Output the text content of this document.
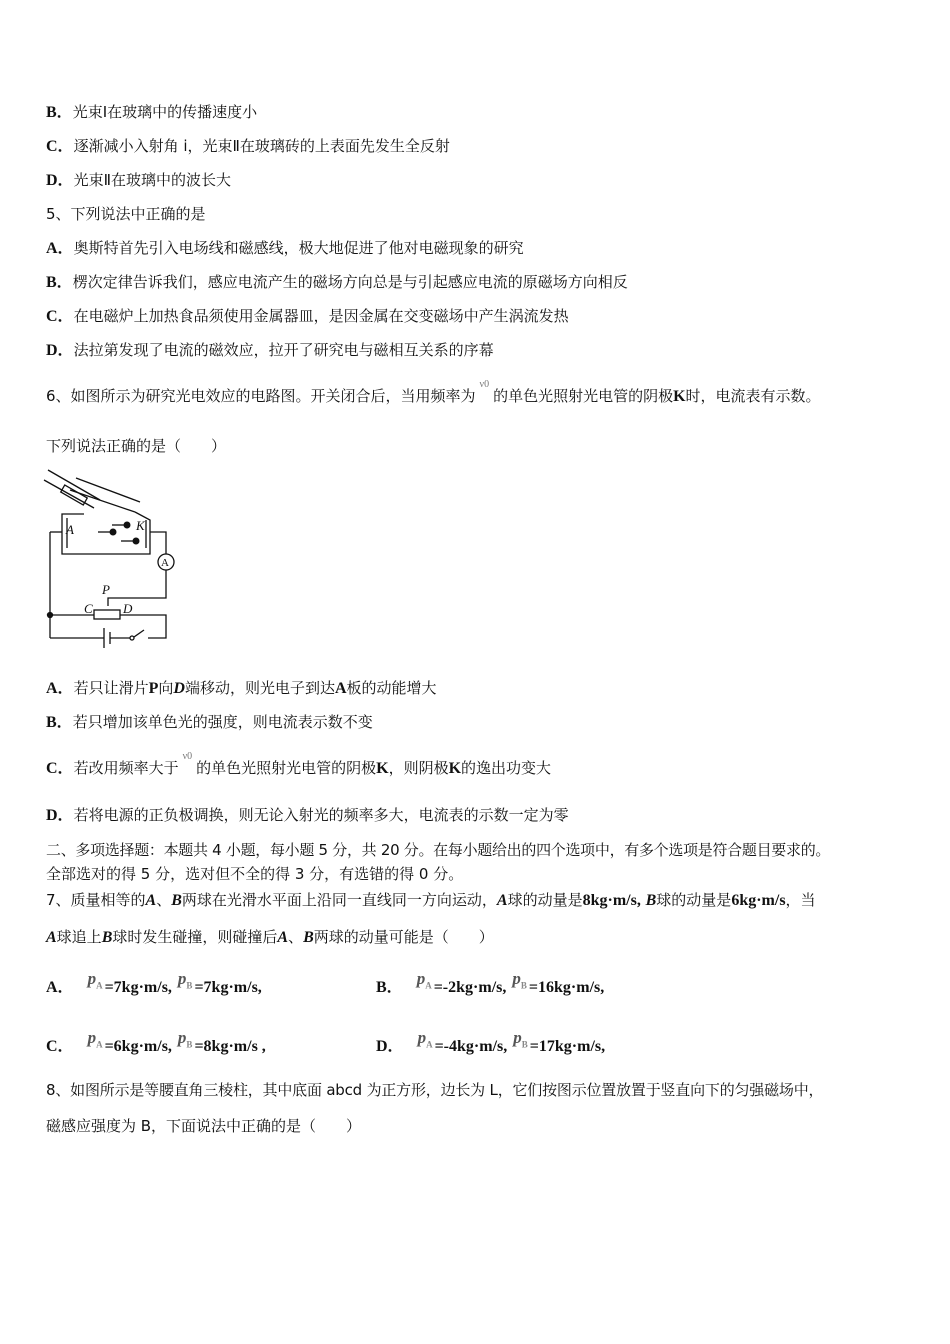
B．光束Ⅰ在玻璃中的传播速度小
C．逐渐减小入射角 i，光束Ⅱ在玻璃砖的上表面先发生全反射
D．光束Ⅱ在玻璃中的波长大
5、下列说法中正确的是
A．奥斯特首先引入电场线和磁感线，极大地促进了他对电磁现象的研究
B．楞次定律告诉我们，感应电流产生的磁场方向总是与引起感应电流的原磁场方向相反
C．在电磁炉上加热食品须使用金属器皿，是因金属在交变磁场中产生涡流发热
D．法拉第发现了电流的磁效应，拉开了研究电与磁相互关系的序幕
6、如图所示为研究光电效应的电路图。开关闭合后，当用频率为ν0的单色光照射光电管的阴极K时，电流表有示数。
下列说法正确的是（　　）
A	K
A
P
C D
A．若只让滑片P向D端移动，则光电子到达A板的动能增大
B．若只增加该单色光的强度，则电流表示数不变
C．若改用频率大于ν0的单色光照射光电管的阴极K，则阴极K的逸出功变大
D．若将电源的正负极调换，则无论入射光的频率多大，电流表的示数一定为零
二、多项选择题：本题共 4 小题，每小题 5 分，共 20 分。在每小题给出的四个选项中，有多个选项是符合题目要求的。
全部选对的得 5 分，选对但不全的得 3 分，有选错的得 0 分。
7、质量相等的A、B两球在光滑水平面上沿同一直线同一方向运动，A球的动量是8kg·m/s, B球的动量是6kg·m/s，当
A球追上B球时发生碰撞，则碰撞后A、B两球的动量可能是（　　）
A． $p_A =7kg\cdot m/s$, $p_B =7kg\cdot m/s$,	B． $p_A =-2kg\cdot m/s$, $p_B =16kg\cdot m/s$,
C． $p_A =6kg\cdot m/s$, $p_B =8kg\cdot m/s$ ,	D． $p_A =-4kg\cdot m/s$, $p_B =17kg\cdot m/s$,
8、如图所示是等腰直角三棱柱，其中底面 abcd 为正方形，边长为 L，它们按图示位置放置于竖直向下的匀强磁场中，
磁感应强度为 B，下面说法中正确的是（　　）
